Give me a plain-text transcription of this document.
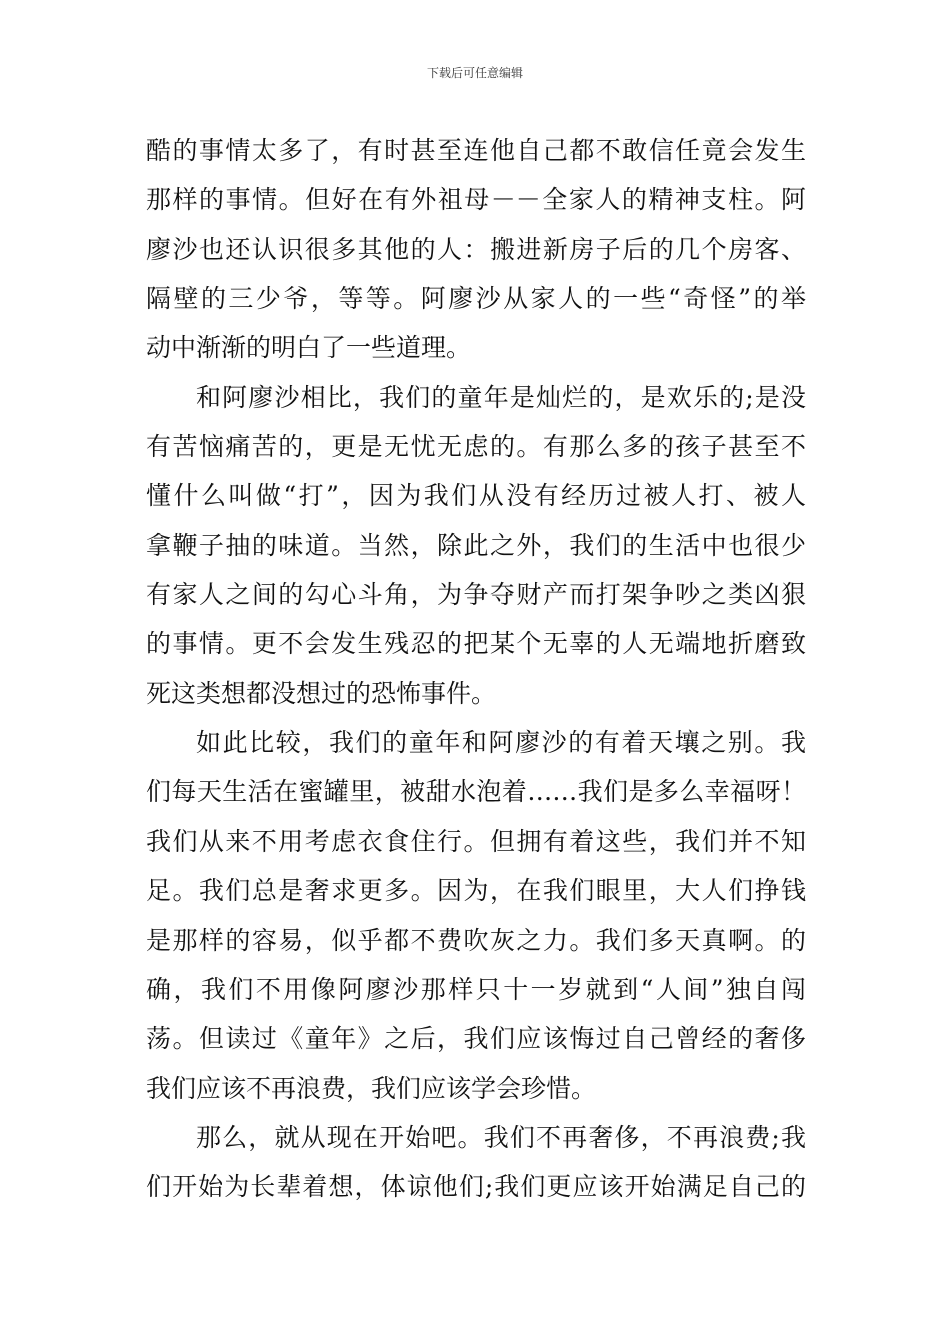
下载后可任意编辑
酷的事情太多了，有时甚至连他自己都不敢信任竟会发生
那样的事情。但好在有外祖母－－全家人的精神支柱。阿
廖沙也还认识很多其他的人：搬进新房子后的几个房客、
隔壁的三少爷，等等。阿廖沙从家人的一些“奇怪”的举
动中渐渐的明白了一些道理。
和阿廖沙相比，我们的童年是灿烂的，是欢乐的;是没
有苦恼痛苦的，更是无忧无虑的。有那么多的孩子甚至不
懂什么叫做“打”，因为我们从没有经历过被人打、被人
拿鞭子抽的味道。当然，除此之外，我们的生活中也很少
有家人之间的勾心斗角，为争夺财产而打架争吵之类凶狠
的事情。更不会发生残忍的把某个无辜的人无端地折磨致
死这类想都没想过的恐怖事件。
如此比较，我们的童年和阿廖沙的有着天壤之别。我
们每天生活在蜜罐里，被甜水泡着……我们是多么幸福呀！
我们从来不用考虑衣食住行。但拥有着这些，我们并不知
足。我们总是奢求更多。因为，在我们眼里，大人们挣钱
是那样的容易，似乎都不费吹灰之力。我们多天真啊。的
确，我们不用像阿廖沙那样只十一岁就到“人间”独自闯
荡。但读过《童年》之后，我们应该悔过自己曾经的奢侈
我们应该不再浪费，我们应该学会珍惜。
那么，就从现在开始吧。我们不再奢侈，不再浪费;我
们开始为长辈着想，体谅他们;我们更应该开始满足自己的
